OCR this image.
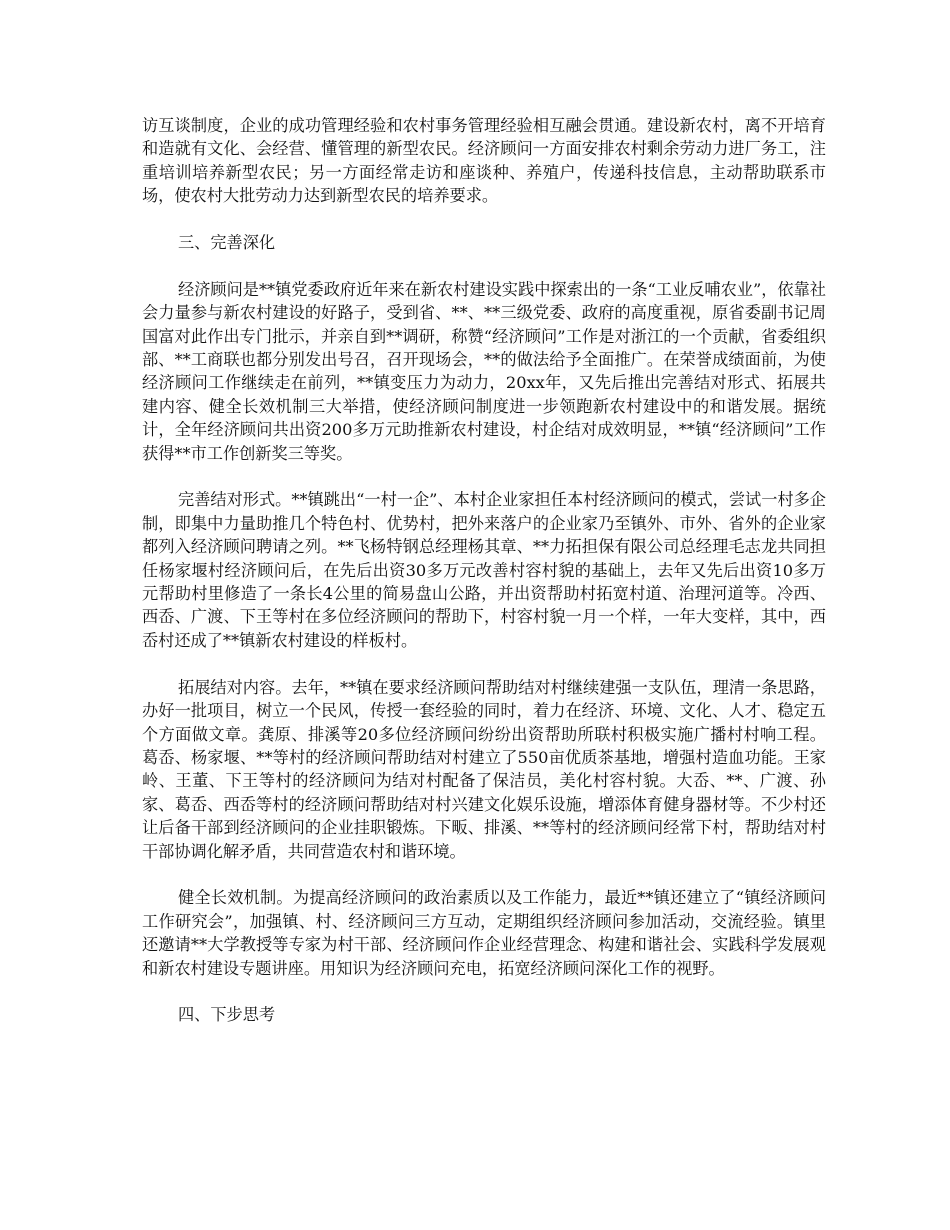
访互谈制度，企业的成功管理经验和农村事务管理经验相互融会贯通。建设新农村，离不开培育和造就有文化、会经营、懂管理的新型农民。经济顾问一方面安排农村剩余劳动力进厂务工，注重培训培养新型农民；另一方面经常走访和座谈种、养殖户，传递科技信息，主动帮助联系市场，使农村大批劳动力达到新型农民的培养要求。

三、完善深化

经济顾问是**镇党委政府近年来在新农村建设实践中探索出的一条“工业反哺农业”，依靠社会力量参与新农村建设的好路子，受到省、**、**三级党委、政府的高度重视，原省委副书记周国富对此作出专门批示，并亲自到**调研，称赞“经济顾问”工作是对浙江的一个贡献，省委组织部、**工商联也都分别发出号召，召开现场会，**的做法给予全面推广。在荣誉成绩面前，为使经济顾问工作继续走在前列，**镇变压力为动力，20xx年，又先后推出完善结对形式、拓展共建内容、健全长效机制三大举措，使经济顾问制度进一步领跑新农村建设中的和谐发展。据统计，全年经济顾问共出资200多万元助推新农村建设，村企结对成效明显，**镇“经济顾问”工作获得**市工作创新奖三等奖。

完善结对形式。**镇跳出“一村一企”、本村企业家担任本村经济顾问的模式，尝试一村多企制，即集中力量助推几个特色村、优势村，把外来落户的企业家乃至镇外、市外、省外的企业家都列入经济顾问聘请之列。**飞杨特钢总经理杨其章、**力拓担保有限公司总经理毛志龙共同担任杨家堰村经济顾问后，在先后出资30多万元改善村容村貌的基础上，去年又先后出资10多万元帮助村里修造了一条长4公里的简易盘山公路，并出资帮助村拓宽村道、治理河道等。冷西、西岙、广渡、下王等村在多位经济顾问的帮助下，村容村貌一月一个样，一年大变样，其中，西岙村还成了**镇新农村建设的样板村。

拓展结对内容。去年，**镇在要求经济顾问帮助结对村继续建强一支队伍，理清一条思路，办好一批项目，树立一个民风，传授一套经验的同时，着力在经济、环境、文化、人才、稳定五个方面做文章。龚原、排溪等20多位经济顾问纷纷出资帮助所联村积极实施广播村村响工程。葛岙、杨家堰、**等村的经济顾问帮助结对村建立了550亩优质茶基地，增强村造血功能。王家岭、王董、下王等村的经济顾问为结对村配备了保洁员，美化村容村貌。大岙、**、广渡、孙家、葛岙、西岙等村的经济顾问帮助结对村兴建文化娱乐设施，增添体育健身器材等。不少村还让后备干部到经济顾问的企业挂职锻炼。下畈、排溪、**等村的经济顾问经常下村，帮助结对村干部协调化解矛盾，共同营造农村和谐环境。

健全长效机制。为提高经济顾问的政治素质以及工作能力，最近**镇还建立了“镇经济顾问工作研究会”，加强镇、村、经济顾问三方互动，定期组织经济顾问参加活动，交流经验。镇里还邀请**大学教授等专家为村干部、经济顾问作企业经营理念、构建和谐社会、实践科学发展观和新农村建设专题讲座。用知识为经济顾问充电，拓宽经济顾问深化工作的视野。

四、下步思考
